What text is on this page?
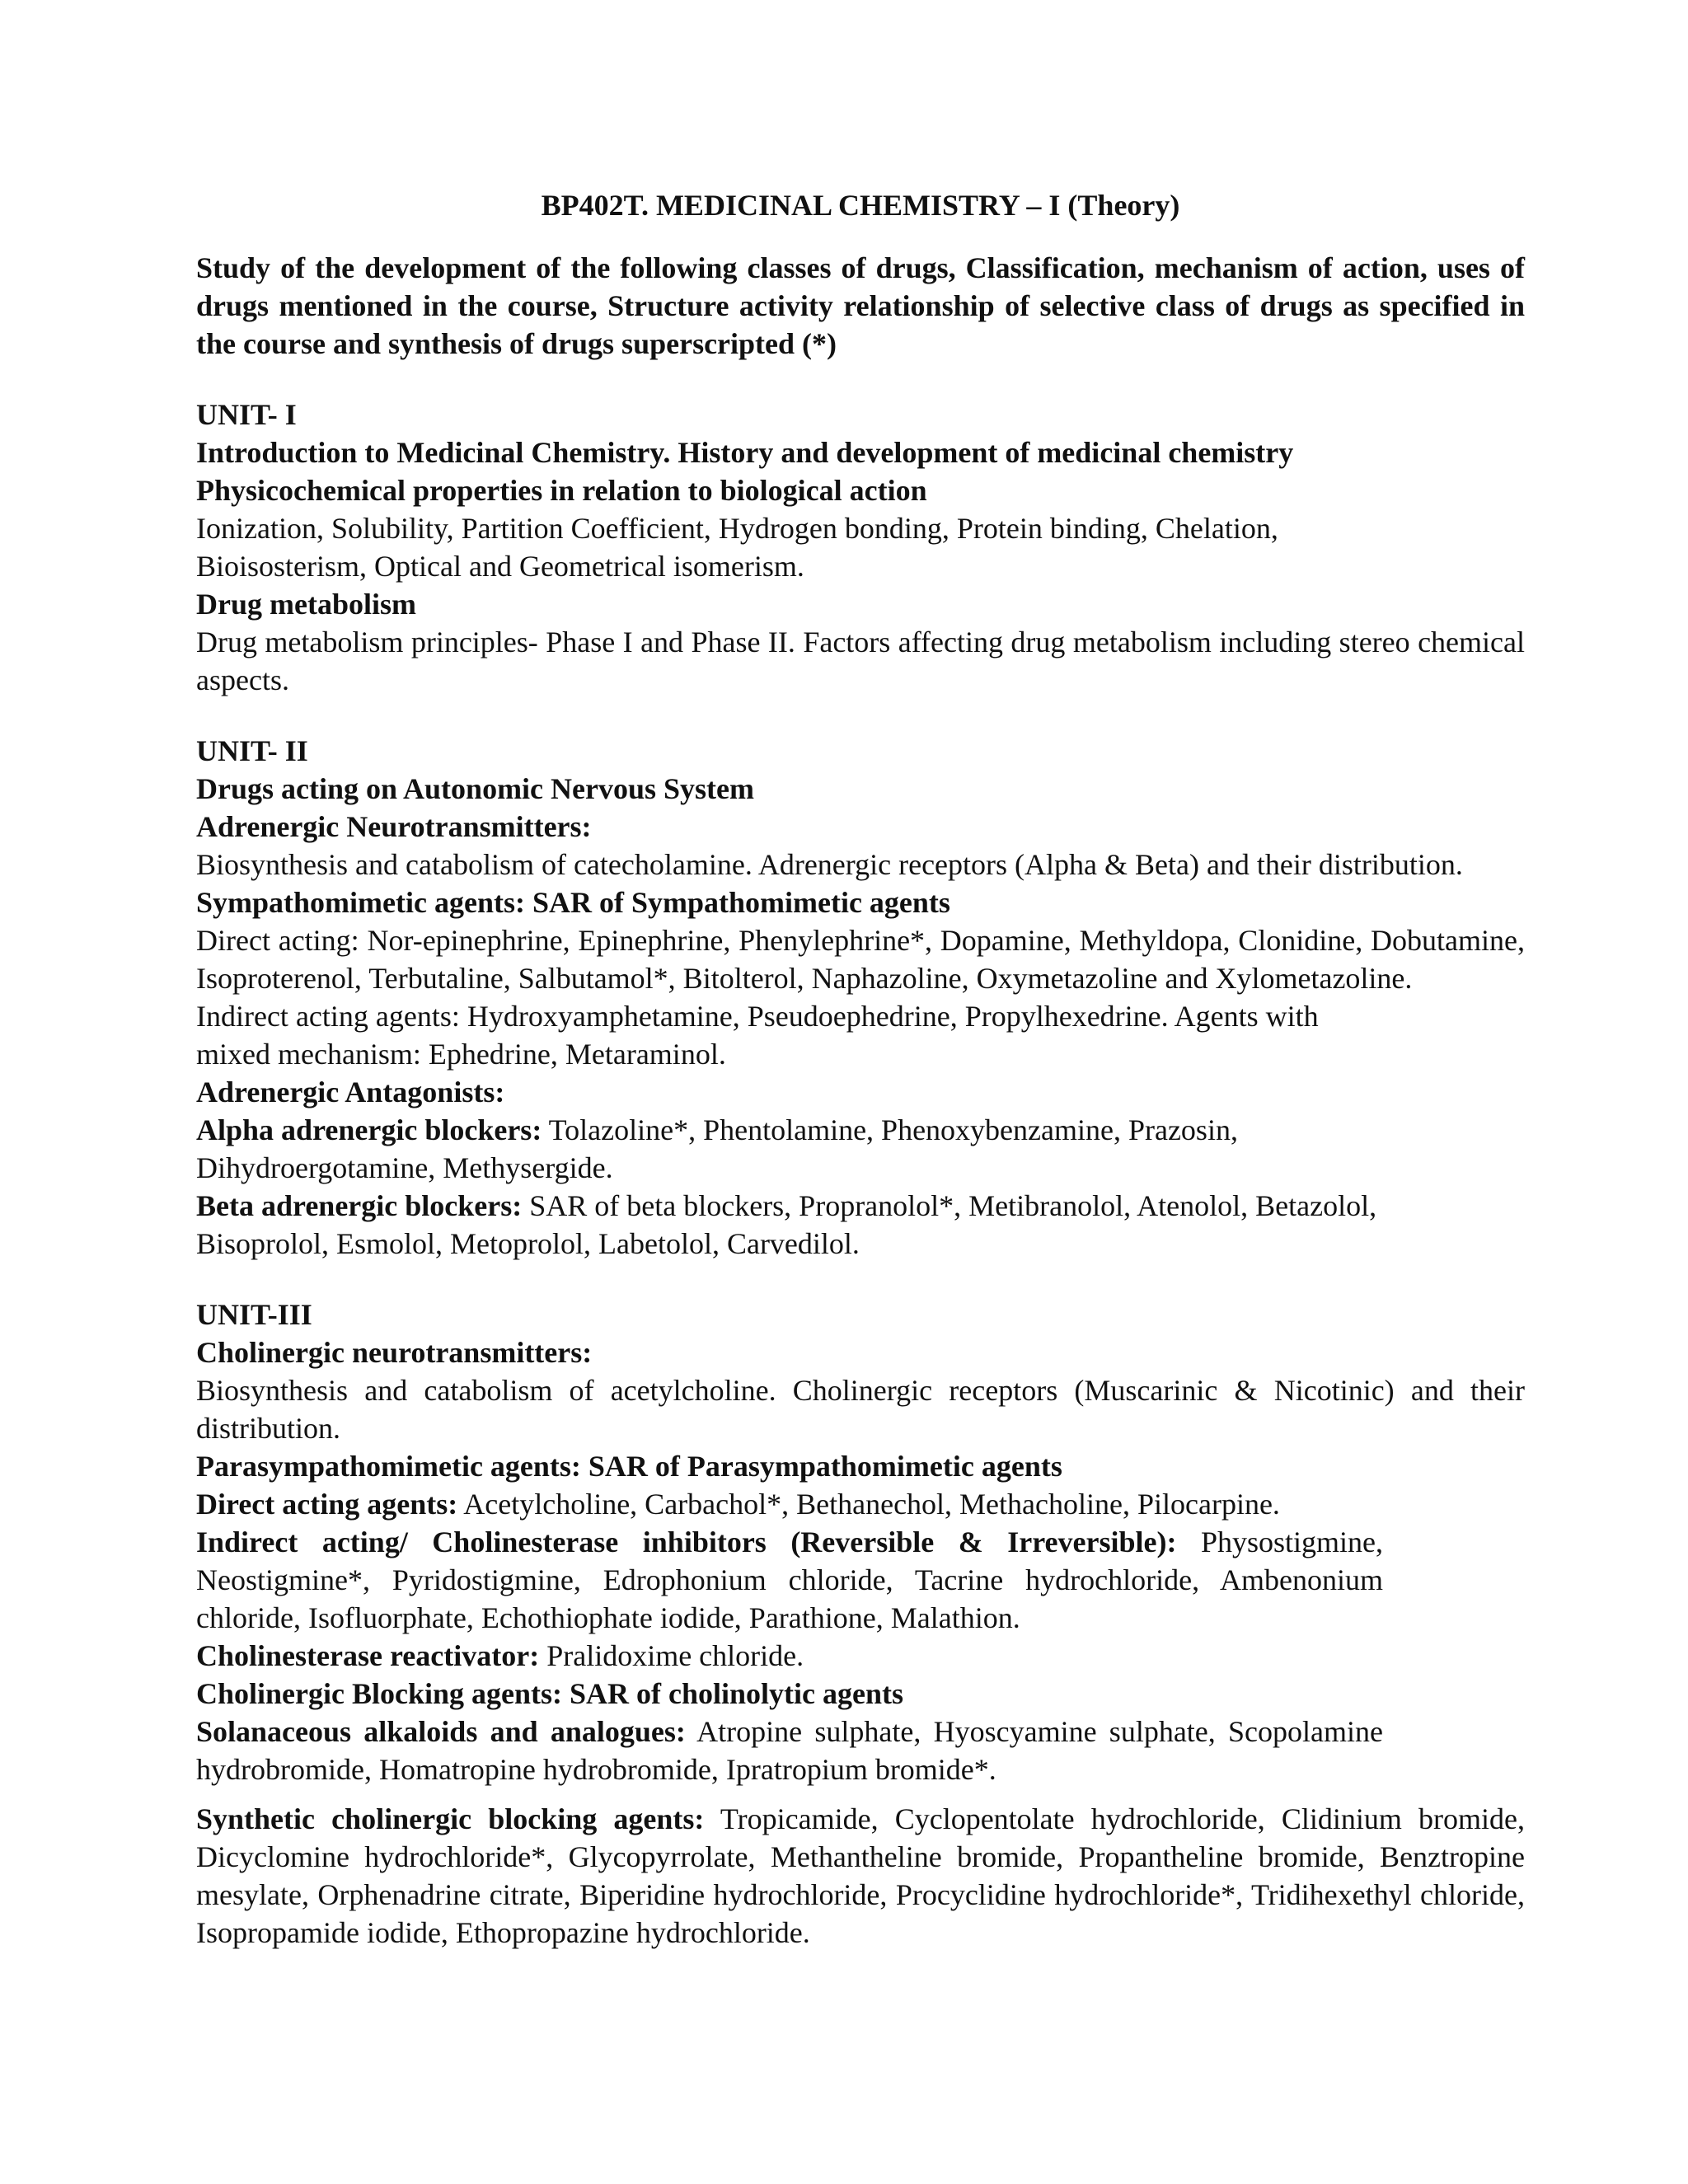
BP402T. MEDICINAL CHEMISTRY – I (Theory)
Study of the development of the following classes of drugs, Classification, mechanism of action, uses of drugs mentioned in the course, Structure activity relationship of selective class of drugs as specified in the course and synthesis of drugs superscripted (*)
UNIT- I
Introduction to Medicinal Chemistry. History and development of medicinal chemistry
Physicochemical properties in relation to biological action
Ionization, Solubility, Partition Coefficient, Hydrogen bonding, Protein binding, Chelation, Bioisosterism, Optical and Geometrical isomerism.
Drug metabolism
Drug metabolism principles- Phase I and Phase II. Factors affecting drug metabolism including stereo chemical aspects.
UNIT- II
Drugs acting on Autonomic Nervous System
Adrenergic Neurotransmitters:
Biosynthesis and catabolism of catecholamine. Adrenergic receptors (Alpha & Beta) and their distribution.
Sympathomimetic agents: SAR of Sympathomimetic agents
Direct acting: Nor-epinephrine, Epinephrine, Phenylephrine*, Dopamine, Methyldopa, Clonidine, Dobutamine, Isoproterenol, Terbutaline, Salbutamol*, Bitolterol, Naphazoline, Oxymetazoline and Xylometazoline.
Indirect acting agents: Hydroxyamphetamine, Pseudoephedrine, Propylhexedrine. Agents with mixed mechanism: Ephedrine, Metaraminol.
Adrenergic Antagonists:
Alpha adrenergic blockers: Tolazoline*, Phentolamine, Phenoxybenzamine, Prazosin, Dihydroergotamine, Methysergide.
Beta adrenergic blockers: SAR of beta blockers, Propranolol*, Metibranolol, Atenolol, Betazolol, Bisoprolol, Esmolol, Metoprolol, Labetolol, Carvedilol.
UNIT-III
Cholinergic neurotransmitters:
Biosynthesis and catabolism of acetylcholine. Cholinergic receptors (Muscarinic & Nicotinic) and their distribution.
Parasympathomimetic agents: SAR of Parasympathomimetic agents
Direct acting agents: Acetylcholine, Carbachol*, Bethanechol, Methacholine, Pilocarpine.
Indirect acting/ Cholinesterase inhibitors (Reversible & Irreversible): Physostigmine, Neostigmine*, Pyridostigmine, Edrophonium chloride, Tacrine hydrochloride, Ambenonium chloride, Isofluorphate, Echothiophate iodide, Parathione, Malathion.
Cholinesterase reactivator: Pralidoxime chloride.
Cholinergic Blocking agents: SAR of cholinolytic agents
Solanaceous alkaloids and analogues: Atropine sulphate, Hyoscyamine sulphate, Scopolamine hydrobromide, Homatropine hydrobromide, Ipratropium bromide*.
Synthetic cholinergic blocking agents: Tropicamide, Cyclopentolate hydrochloride, Clidinium bromide, Dicyclomine hydrochloride*, Glycopyrrolate, Methantheline bromide, Propantheline bromide, Benztropine mesylate, Orphenadrine citrate, Biperidine hydrochloride, Procyclidine hydrochloride*, Tridihexethyl chloride, Isopropamide iodide, Ethopropazine hydrochloride.
